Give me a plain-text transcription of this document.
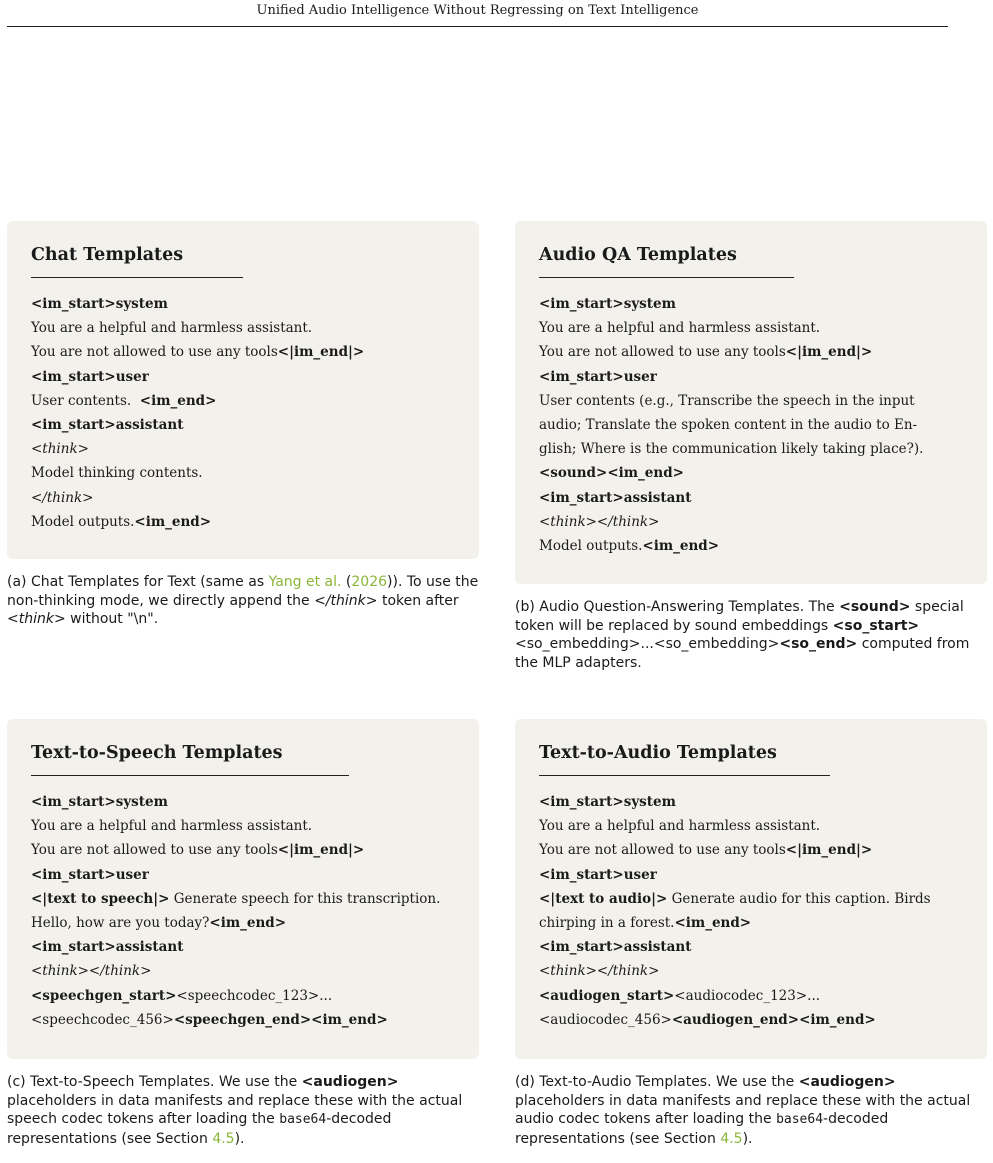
Unified Audio Intelligence Without Regressing on Text Intelligence
Chat Templates
<im_start>system
You are a helpful and harmless assistant.
You are not allowed to use any tools<|im_end|>
<im_start>user
User contents.  <im_end>
<im_start>assistant
<think>
Model thinking contents.
</think>
Model outputs.<im_end>
(a) Chat Templates for Text (same as Yang et al. (2026)). To use the non-thinking mode, we directly append the </think> token after <think> without "\n".
Audio QA Templates
<im_start>system
You are a helpful and harmless assistant.
You are not allowed to use any tools<|im_end|>
<im_start>user
User contents (e.g., Transcribe the speech in the input
audio; Translate the spoken content in the audio to En-
glish; Where is the communication likely taking place?).
<sound><im_end>
<im_start>assistant
<think></think>
Model outputs.<im_end>
(b) Audio Question-Answering Templates. The <sound> special token will be replaced by sound embeddings <so_start><so_embedding>...<so_embedding><so_end> computed from the MLP adapters.
Text-to-Speech Templates
<im_start>system
You are a helpful and harmless assistant.
You are not allowed to use any tools<|im_end|>
<im_start>user
<|text to speech|> Generate speech for this transcription.
Hello, how are you today?<im_end>
<im_start>assistant
<think></think>
<speechgen_start><speechcodec_123>...
<speechcodec_456><speechgen_end><im_end>
(c) Text-to-Speech Templates. We use the <audiogen> placeholders in data manifests and replace these with the actual speech codec tokens after loading the base64-decoded representations (see Section 4.5).
Text-to-Audio Templates
<im_start>system
You are a helpful and harmless assistant.
You are not allowed to use any tools<|im_end|>
<im_start>user
<|text to audio|> Generate audio for this caption. Birds
chirping in a forest.<im_end>
<im_start>assistant
<think></think>
<audiogen_start><audiocodec_123>...
<audiocodec_456><audiogen_end><im_end>
(d) Text-to-Audio Templates. We use the <audiogen> placeholders in data manifests and replace these with the actual audio codec tokens after loading the base64-decoded representations (see Section 4.5).
